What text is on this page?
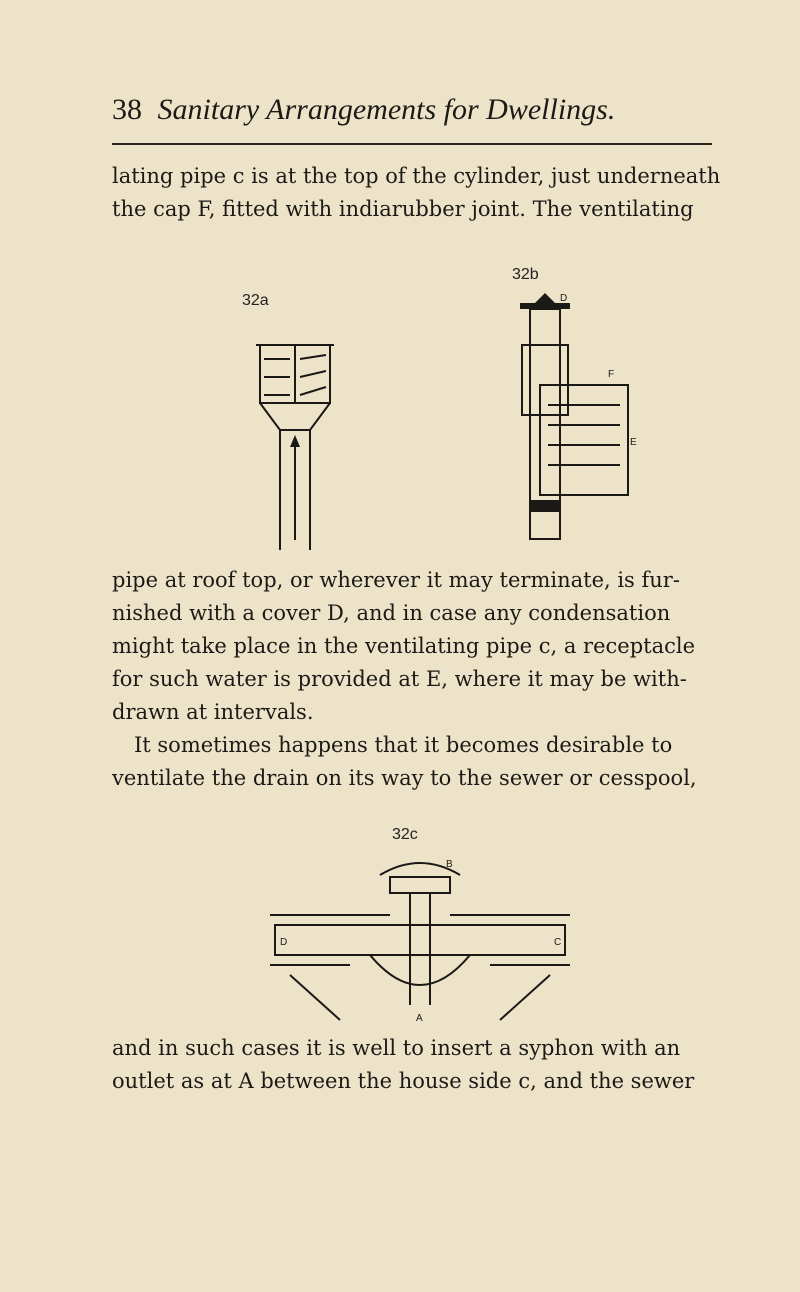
38 Sanitary Arrangements for Dwellings.
lating pipe c is at the top of the cylinder, just underneath
the cap F, fitted with indiarubber joint. The ventilating
32a
32b
D
F
E
pipe at roof top, or wherever it may terminate, is fur-
nished with a cover D, and in case any condensation
might take place in the ventilating pipe c, a receptacle
for such water is provided at E, where it may be with-
drawn at intervals.
It sometimes happens that it becomes desirable to
ventilate the drain on its way to the sewer or cesspool,
32c
B
D	C
A
and in such cases it is well to insert a syphon with an
outlet as at A between the house side c, and the sewer
